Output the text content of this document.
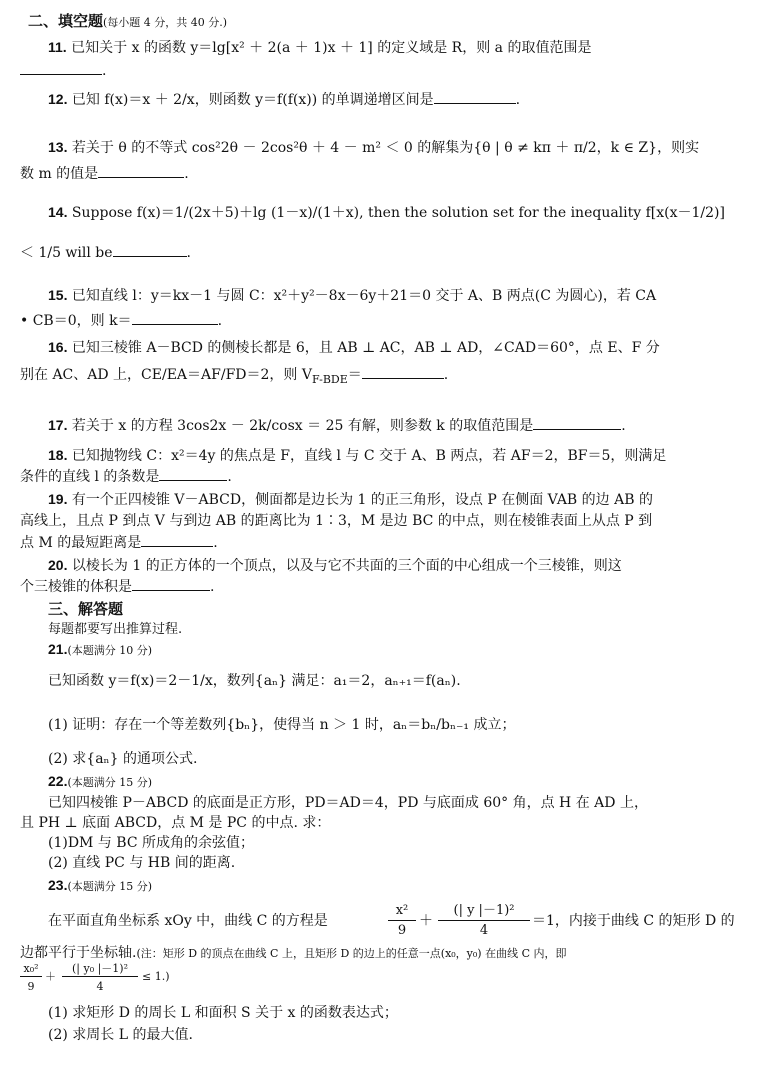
二、填空题(每小题 4 分，共 40 分.)
11. 已知关于 x 的函数 y＝lg[x² ＋ 2(a ＋ 1)x ＋ 1] 的定义域是 R，则 a 的取值范围是
.
12. 已知 f(x)＝x ＋ 2/x，则函数 y＝f(f(x)) 的单调递增区间是	.
13. 若关于 θ 的不等式 cos²2θ － 2cos²θ ＋ 4 － m² ＜ 0 的解集为{θ | θ ≠ kπ ＋ π/2，k ∈ Z}，则实
数 m 的值是	.
14. Suppose f(x)＝1/(2x＋5)＋lg (1－x)/(1＋x), then the solution set for the inequality f[x(x－1/2)]
＜ 1/5 will be	.
15. 已知直线 l：y＝kx－1 与圆 C：x²＋y²－8x－6y＋21＝0 交于 A、B 两点(C 为圆心)，若 CA
• CB＝0，则 k＝	.
16. 已知三棱锥 A－BCD 的侧棱长都是 6，且 AB ⊥ AC，AB ⊥ AD，∠CAD＝60°，点 E、F 分
别在 AC、AD 上，CE/EA＝AF/FD＝2，则 $V_{F-BDE}=$	.
17. 若关于 x 的方程 3cos2x － 2k/cosx ＝ 25 有解，则参数 k 的取值范围是	.
18. 已知抛物线 C：x²＝4y 的焦点是 F，直线 l 与 C 交于 A、B 两点，若 AF＝2，BF＝5，则满足
条件的直线 l 的条数是	.
19. 有一个正四棱锥 V－ABCD，侧面都是边长为 1 的正三角形，设点 P 在侧面 VAB 的边 AB 的
高线上，且点 P 到点 V 与到边 AB 的距离比为 1∶3，M 是边 BC 的中点，则在棱锥表面上从点 P 到
点 M 的最短距离是	.
20. 以棱长为 1 的正方体的一个顶点，以及与它不共面的三个面的中心组成一个三棱锥，则这
个三棱锥的体积是	.
三、解答题
每题都要写出推算过程.
21.(本题满分 10 分)
已知函数 y＝f(x)＝2－1/x，数列{aₙ} 满足：a₁＝2，aₙ₊₁＝f(aₙ).
(1) 证明：存在一个等差数列{bₙ}，使得当 n ＞ 1 时，aₙ＝bₙ/bₙ₋₁ 成立；
(2) 求{aₙ} 的通项公式.
22.(本题满分 15 分)
已知四棱锥 P－ABCD 的底面是正方形，PD＝AD＝4，PD 与底面成 60° 角，点 H 在 AD 上，
且 PH ⊥ 底面 ABCD，点 M 是 PC 的中点. 求：
(1)DM 与 BC 所成角的余弦值；
(2) 直线 PC 与 HB 间的距离.
23.(本题满分 15 分)
在平面直角坐标系 xOy 中，曲线 C 的方程是
x²
9
＋
(| y |－1)²
4
＝1，内接于曲线 C 的矩形 D 的
边都平行于坐标轴.(注：矩形 D 的顶点在曲线 C 上，且矩形 D 的边上的任意一点(x₀，y₀) 在曲线 C 内，即
x₀²
9
＋
(| y₀ |－1)²
4
≤ 1.)
(1) 求矩形 D 的周长 L 和面积 S 关于 x 的函数表达式；
(2) 求周长 L 的最大值.
